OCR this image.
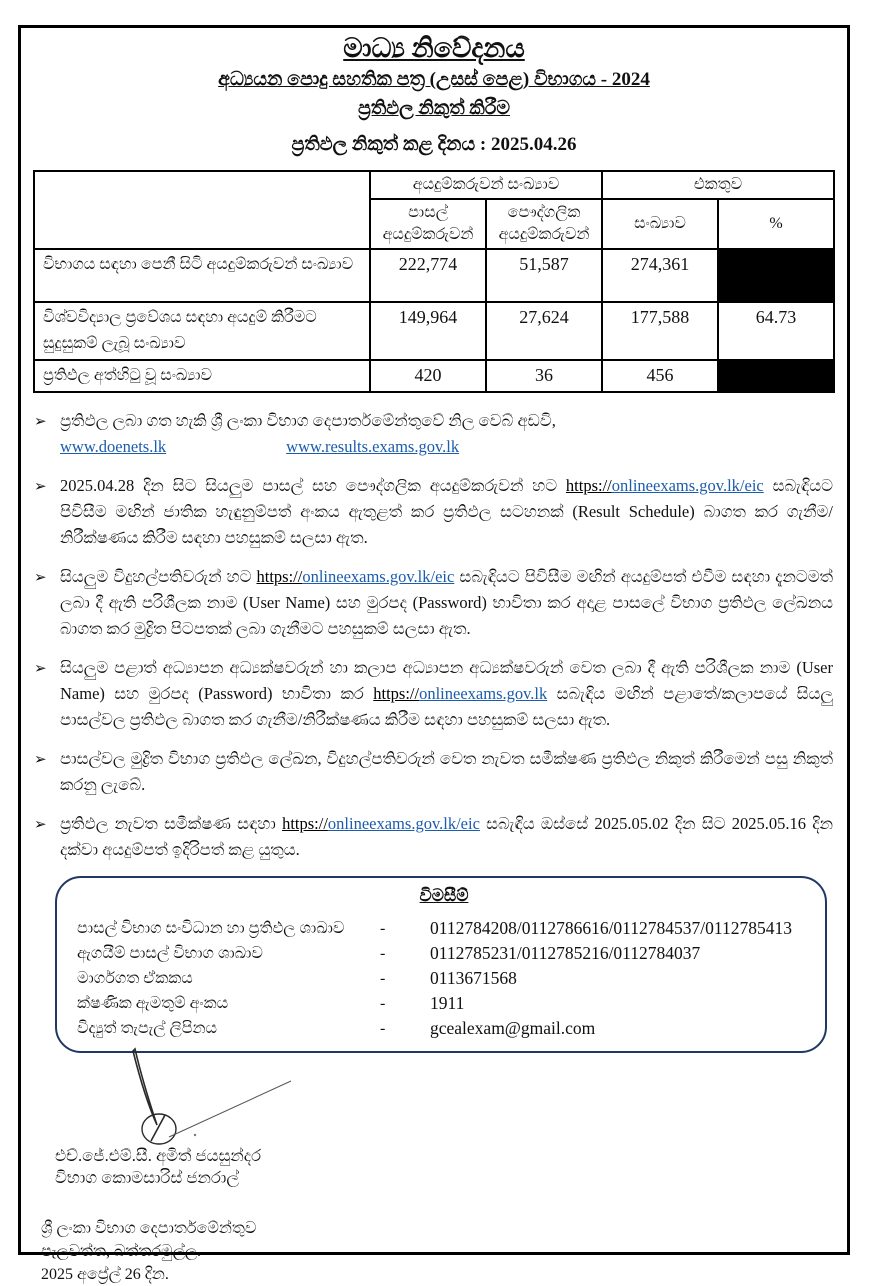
මාධ්‍ය නිවේදනය
අධ්‍යයන පොදු සහතික පත්‍ර (උසස් පෙළ) විභාගය - 2024
ප්‍රතිඵල නිකුත් කිරීම
ප්‍රතිඵල නිකුත් කළ දිනය : 2025.04.26
	අයදුම්කරුවන් සංඛ්‍යාව		එකතුව	
	පාසල් අයදුම්කරුවන්	පෞද්ගලික අයදුම්කරුවන්	සංඛ්‍යාව	%
විභාගය සඳහා පෙනී සිටි අයදුම්කරුවන් සංඛ්‍යාව	222,774	51,587	274,361	
විශ්වවිද්‍යාල ප්‍රවේශය සඳහා අයදුම් කිරීමට සුදුසුකම් ලැබූ සංඛ්‍යාව	149,964	27,624	177,588	64.73
ප්‍රතිඵල අත්හිටු වූ සංඛ්‍යාව	420	36	456	
➢ ප්‍රතිඵල ලබා ගත හැකි ශ්‍රී ලංකා විභාග දෙපාර්තමේන්තුවේ නිල වෙබ් අඩවි,
www.doenets.lk	www.results.exams.gov.lk
➢ 2025.04.28 දින සිට සියලුම පාසල් සහ පෞද්ගලික අයදුම්කරුවන් හට https://onlineexams.gov.lk/eic සබැඳියට පිවිසීම මඟින් ජාතික හැඳුනුම්පත් අංකය ඇතුළත් කර ප්‍රතිඵල සටහනක් (Result Schedule) බාගත කර ගැනීම/නිරීක්ෂණය කිරීම සඳහා පහසුකම් සලසා ඇත.
➢ සියලුම විදුහල්පතිවරුන් හට https://onlineexams.gov.lk/eic සබැඳියට පිවිසීම මඟින් අයදුම්පත් එවීම සඳහා දැනටමත් ලබා දී ඇති පරිශීලක නාම (User Name) සහ මුරපද (Password) භාවිතා කර අදාළ පාසලේ විභාග ප්‍රතිඵල ලේඛනය බාගත කර මුද්‍රිත පිටපතක් ලබා ගැනීමට පහසුකම් සලසා ඇත.
➢ සියලුම පළාත් අධ්‍යාපන අධ්‍යක්ෂවරුන් හා කලාප අධ්‍යාපන අධ්‍යක්ෂවරුන් වෙත ලබා දී ඇති පරිශීලක නාම (User Name) සහ මුරපද (Password) භාවිතා කර https://onlineexams.gov.lk සබැඳිය මඟින් පළාතේ/කලාපයේ සියලු පාසල්වල ප්‍රතිඵල බාගත කර ගැනීම/නිරීක්ෂණය කිරීම සඳහා පහසුකම් සලසා ඇත.
➢ පාසල්වල මුද්‍රිත විභාග ප්‍රතිඵල ලේඛන, විදුහල්පතිවරුන් වෙත නැවත සමීක්ෂණ ප්‍රතිඵල නිකුත් කිරීමෙන් පසු නිකුත් කරනු ලැබේ.
➢ ප්‍රතිඵල නැවත සමීක්ෂණ සඳහා https://onlineexams.gov.lk/eic සබැඳිය ඔස්සේ 2025.05.02 දින සිට 2025.05.16 දින දක්වා අයදුම්පත් ඉදිරිපත් කළ යුතුය.
විමසීම්
පාසල් විභාග සංවිධාන හා ප්‍රතිඵල ශාඛාව	-	0112784208/0112786616/0112784537/0112785413
ඇගයීම් පාසල් විභාග ශාඛාව	-	0112785231/0112785216/0112784037
මාර්ගගත ඒකකය	-	0113671568
ක්ෂණික ඇමතුම් අංකය	-	1911
විද්‍යුත් තැපැල් ලිපිනය	-	gcealexam@gmail.com
එච්.ජේ.එම්.සී. අමිත් ජයසුන්දර
විභාග කොමසාරිස් ජනරාල්
ශ්‍රී ලංකා විභාග දෙපාර්තමේන්තුව
පැලවත්ත, බත්තරමුල්ල.
2025 අප්‍රේල් 26 දින.
